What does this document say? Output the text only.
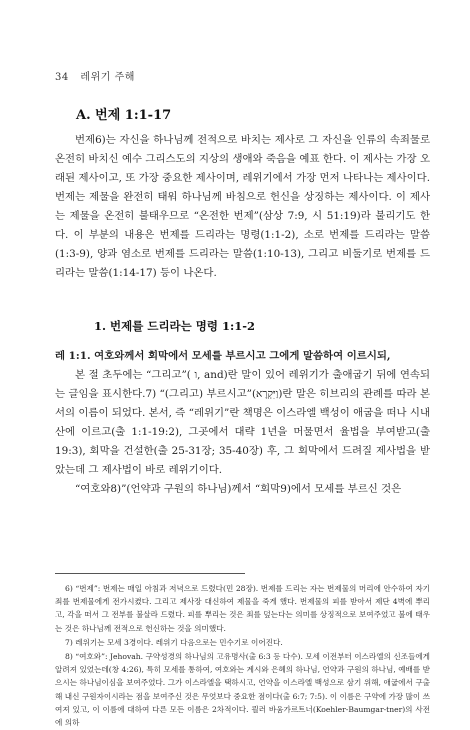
34 레위기 주해
A. 번제 1:1-17

번제6)는 자신을 하나님께 전적으로 바치는 제사로 그 자신을 인류의 속죄물로 온전히 바치신 예수 그리스도의 지상의 생애와 죽음을 예표 한다. 이 제사는 가장 오래된 제사이고, 또 가장 중요한 제사이며, 레위기에서 가장 먼저 나타나는 제사이다. 번제는 제물을 완전히 태워 하나님께 바침으로 헌신을 상징하는 제사이다. 이 제사는 제물을 온전히 불태우므로 “온전한 번제”(삼상 7:9, 시 51:19)라 불리기도 한다. 이 부분의 내용은 번제를 드리라는 명령(1:1-2), 소로 번제를 드리라는 말씀(1:3-9), 양과 염소로 번제를 드리라는 말씀(1:10-13), 그리고 비둘기로 번제를 드리라는 말씀(1:14-17) 등이 나온다.

1. 번제를 드리라는 명령 1:1-2

레 1:1. 여호와께서 회막에서 모세를 부르시고 그에게 말씀하여 이르시되,

본 절 초두에는 “그리고”( ו, and)란 말이 있어 레위기가 출애굽기 뒤에 연속되는 글임을 표시한다.7) “(그리고) 부르시고”(וַיִּקְרָא)란 말은 히브리의 관례를 따라 본서의 이름이 되었다. 본서, 즉 “레위기”란 책명은 이스라엘 백성이 애굽을 떠나 시내 산에 이르고(출 1:1-19:2), 그곳에서 대략 1년을 머물면서 율법을 부여받고(출 19:3), 회막을 건설한(출 25-31장; 35-40장) 후, 그 회막에서 드려질 제사법을 받았는데 그 제사법이 바로 레위기이다.

“여호와8)”(언약과 구원의 하나님)께서 “회막9)에서 모세를 부르신 것은

6) “번제”: 번제는 매일 아침과 저녁으로 드렸다(민 28장). 번제를 드리는 자는 번제물의 머리에 안수하여 자기 죄를 번제물에게 전가시켰다. 그리고 제사장 대신하여 제물을 죽게 했다. 번제물의 피를 받아서 제단 4벽에 뿌리고, 각을 떠서 그 전부를 불살라 드렸다. 피를 뿌리는 것은 죄를 덮는다는 의미를 상징적으로 보여주었고 불에 태우는 것은 하나님께 전적으로 헌신하는 것을 의미했다.

7) 레위기는 모세 3경이다. 레위기 다음으로는 민수기로 이어진다.

8) “여호와”: Jehovah. 구약성경의 하나님의 고유명사(출 6:3 등 다수). 모세 이전부터 이스라엘의 신조들에게 알려져 있었는데(창 4:26), 특히 모세를 통하여, 여호와는 계시와 은혜의 하나님, 언약과 구원의 하나님, 예배를 받으시는 하나님이심을 보여주었다. 그가 이스라엘을 택하시고, 언약을 이스라엘 백성으로 삼기 위해, 애굽에서 구출해 내신 구원자이시라는 점을 보여주신 것은 무엇보다 중요한 점이다(출 6:7; 7:5). 이 이름은 구약에 가장 많이 쓰여져 있고, 이 이름에 대하여 다른 모든 이름은 2차적이다. 쾰러 바움가르트너(Koehler-Baumgar-tner)의 사전에 의하
